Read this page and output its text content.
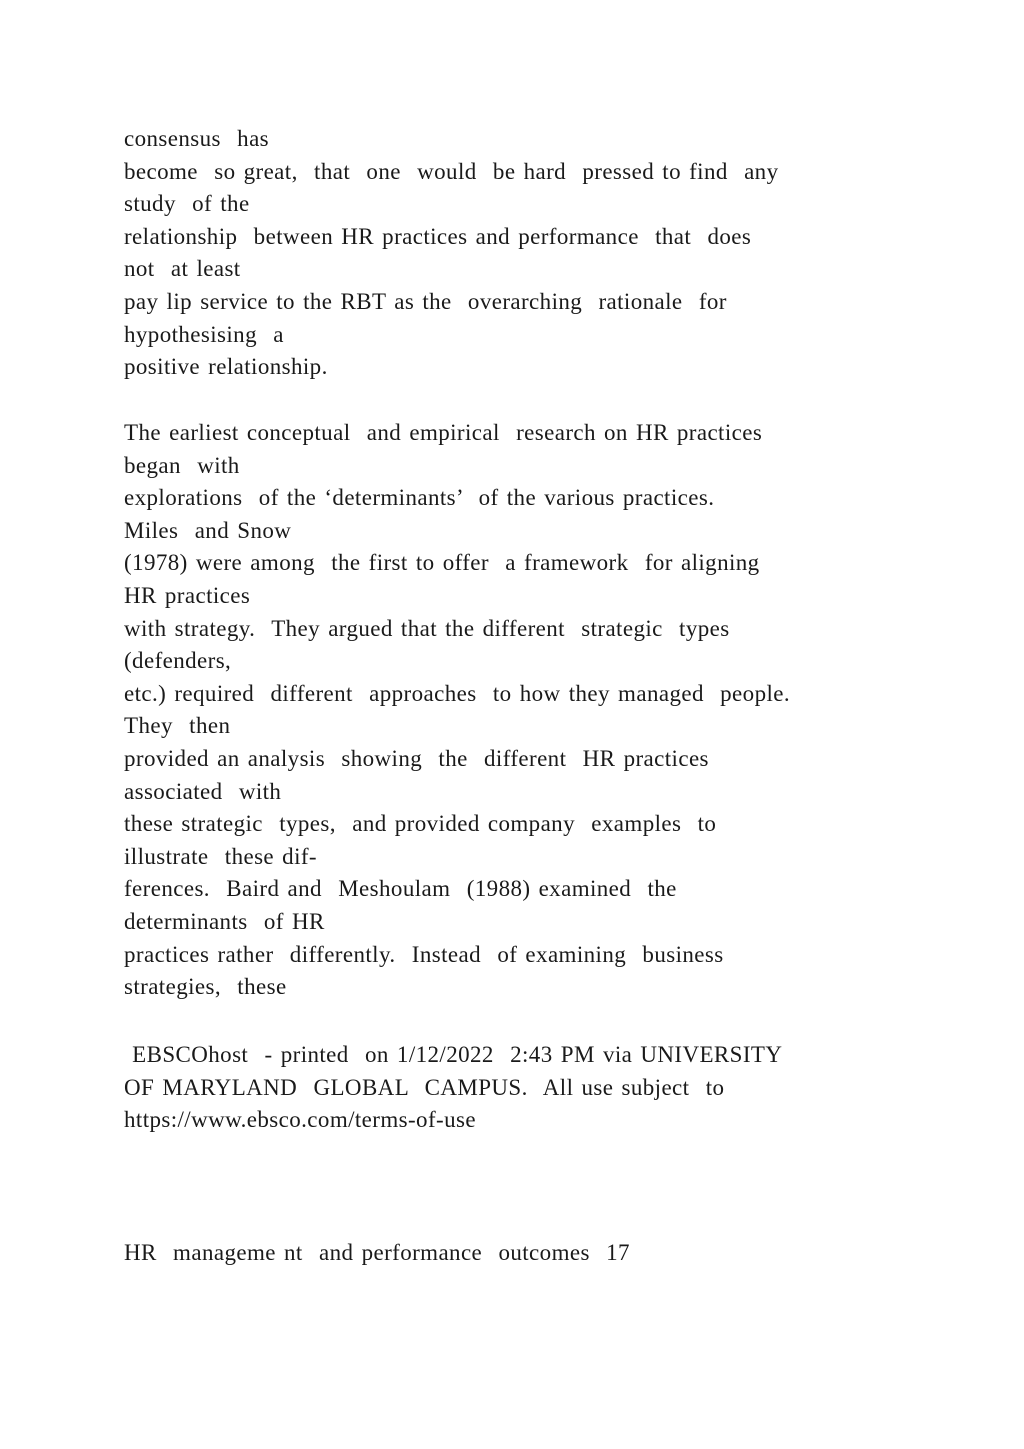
consensus  has
become  so great,  that  one  would  be hard  pressed to find  any
study  of the
relationship  between HR practices and performance  that  does
not  at least
pay lip service to the RBT as the  overarching  rationale  for
hypothesising  a
positive relationship.
The earliest conceptual  and empirical  research on HR practices
began  with
explorations  of the ‘determinants’  of the various practices.
Miles  and Snow
(1978) were among  the first to offer  a framework  for aligning
HR practices
with strategy.  They argued that the different  strategic  types
(defenders,
etc.) required  different  approaches  to how they managed  people.
They  then
provided an analysis  showing  the  different  HR practices
associated  with
these strategic  types,  and provided company  examples  to
illustrate  these dif-
ferences.  Baird and  Meshoulam  (1988) examined  the
determinants  of HR
practices rather  differently.  Instead  of examining  business
strategies,  these
EBSCOhost  - printed  on 1/12/2022  2:43 PM via UNIVERSITY
OF MARYLAND  GLOBAL  CAMPUS.  All use subject  to
https://www.ebsco.com/terms-of-use
HR  manageme nt  and performance  outcomes  17
